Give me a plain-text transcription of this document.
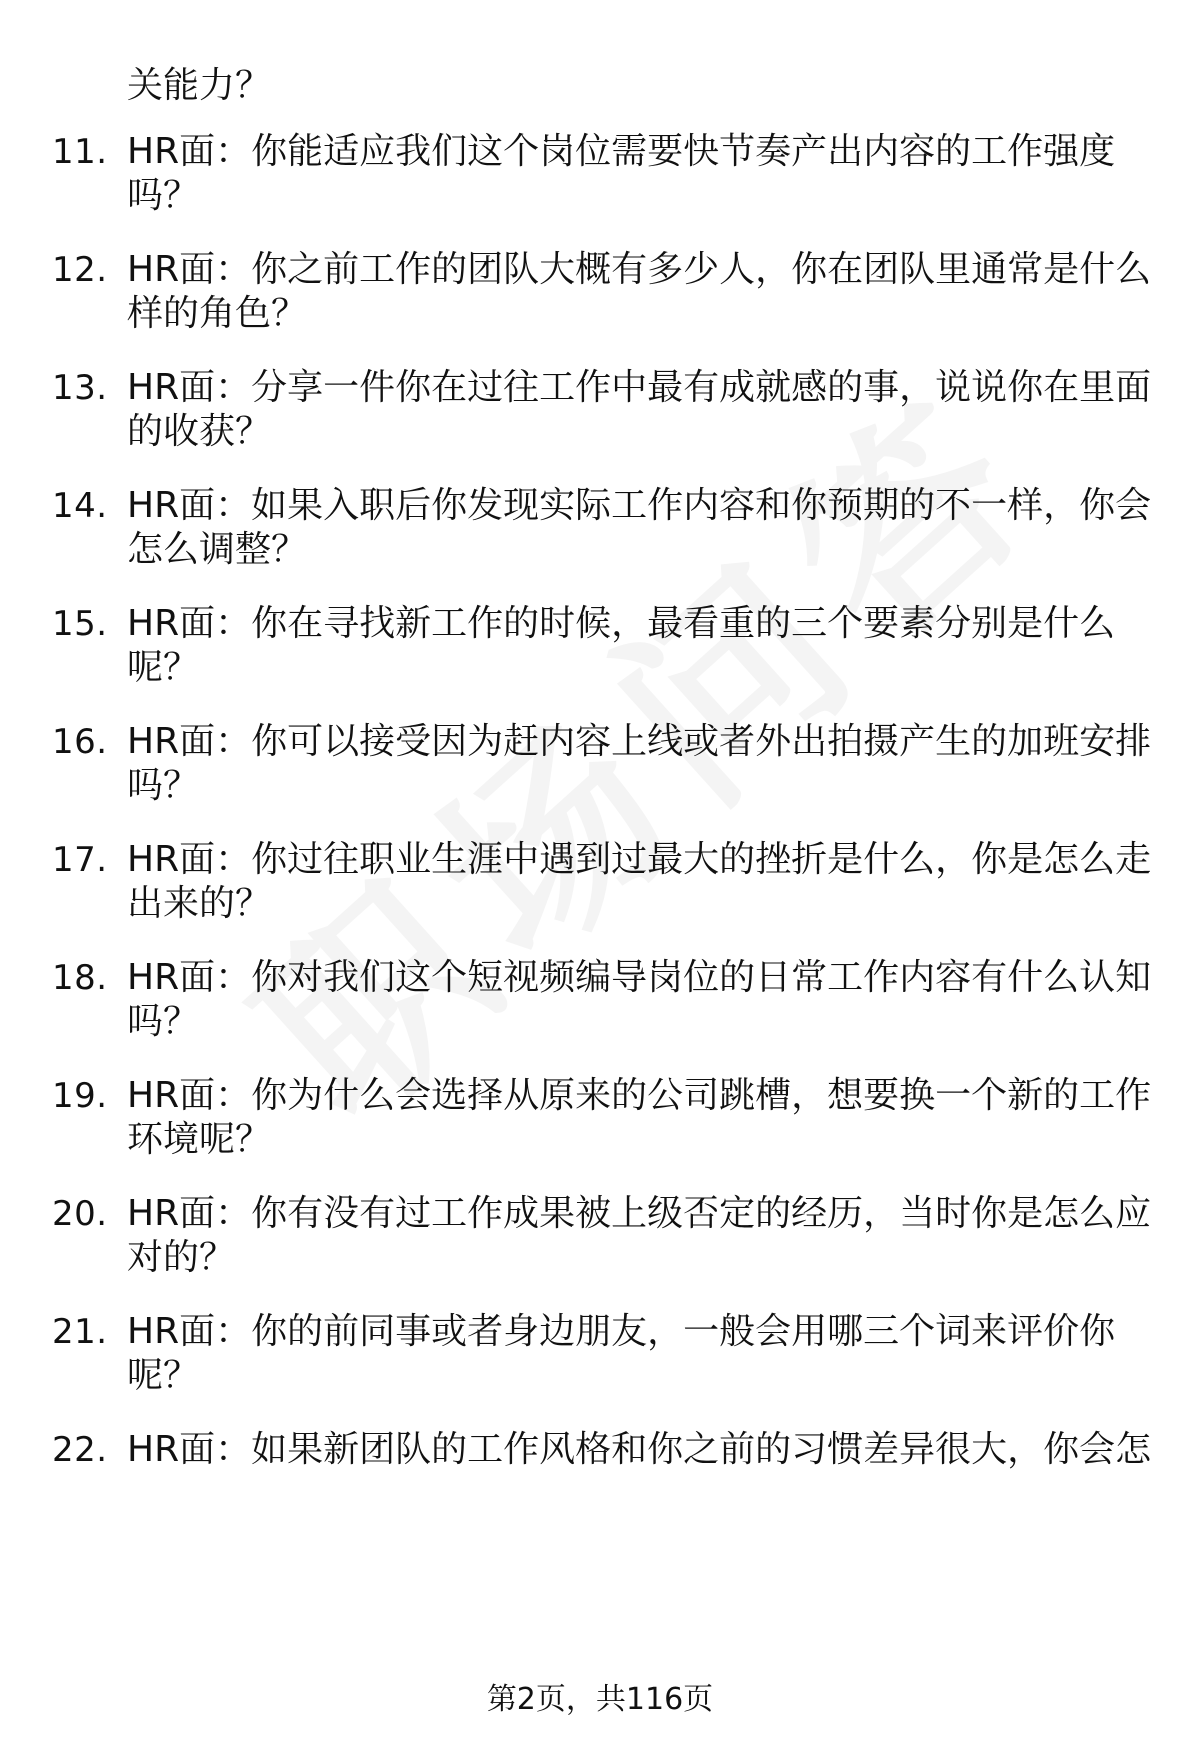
关能力？
11. HR面：你能适应我们这个岗位需要快节奏产出内容的工作强度
吗？
12. HR面：你之前工作的团队大概有多少人，你在团队里通常是什么
样的角色？
13. HR面：分享一件你在过往工作中最有成就感的事，说说你在里面
的收获？
14. HR面：如果入职后你发现实际工作内容和你预期的不一样，你会
怎么调整？
15. HR面：你在寻找新工作的时候，最看重的三个要素分别是什么
呢？
16. HR面：你可以接受因为赶内容上线或者外出拍摄产生的加班安排
吗？
17. HR面：你过往职业生涯中遇到过最大的挫折是什么，你是怎么走
出来的？
18. HR面：你对我们这个短视频编导岗位的日常工作内容有什么认知
吗？
19. HR面：你为什么会选择从原来的公司跳槽，想要换一个新的工作
环境呢？
20. HR面：你有没有过工作成果被上级否定的经历，当时你是怎么应
对的？
21. HR面：你的前同事或者身边朋友，一般会用哪三个词来评价你
呢？
22. HR面：如果新团队的工作风格和你之前的习惯差异很大，你会怎
第2页，共116页
